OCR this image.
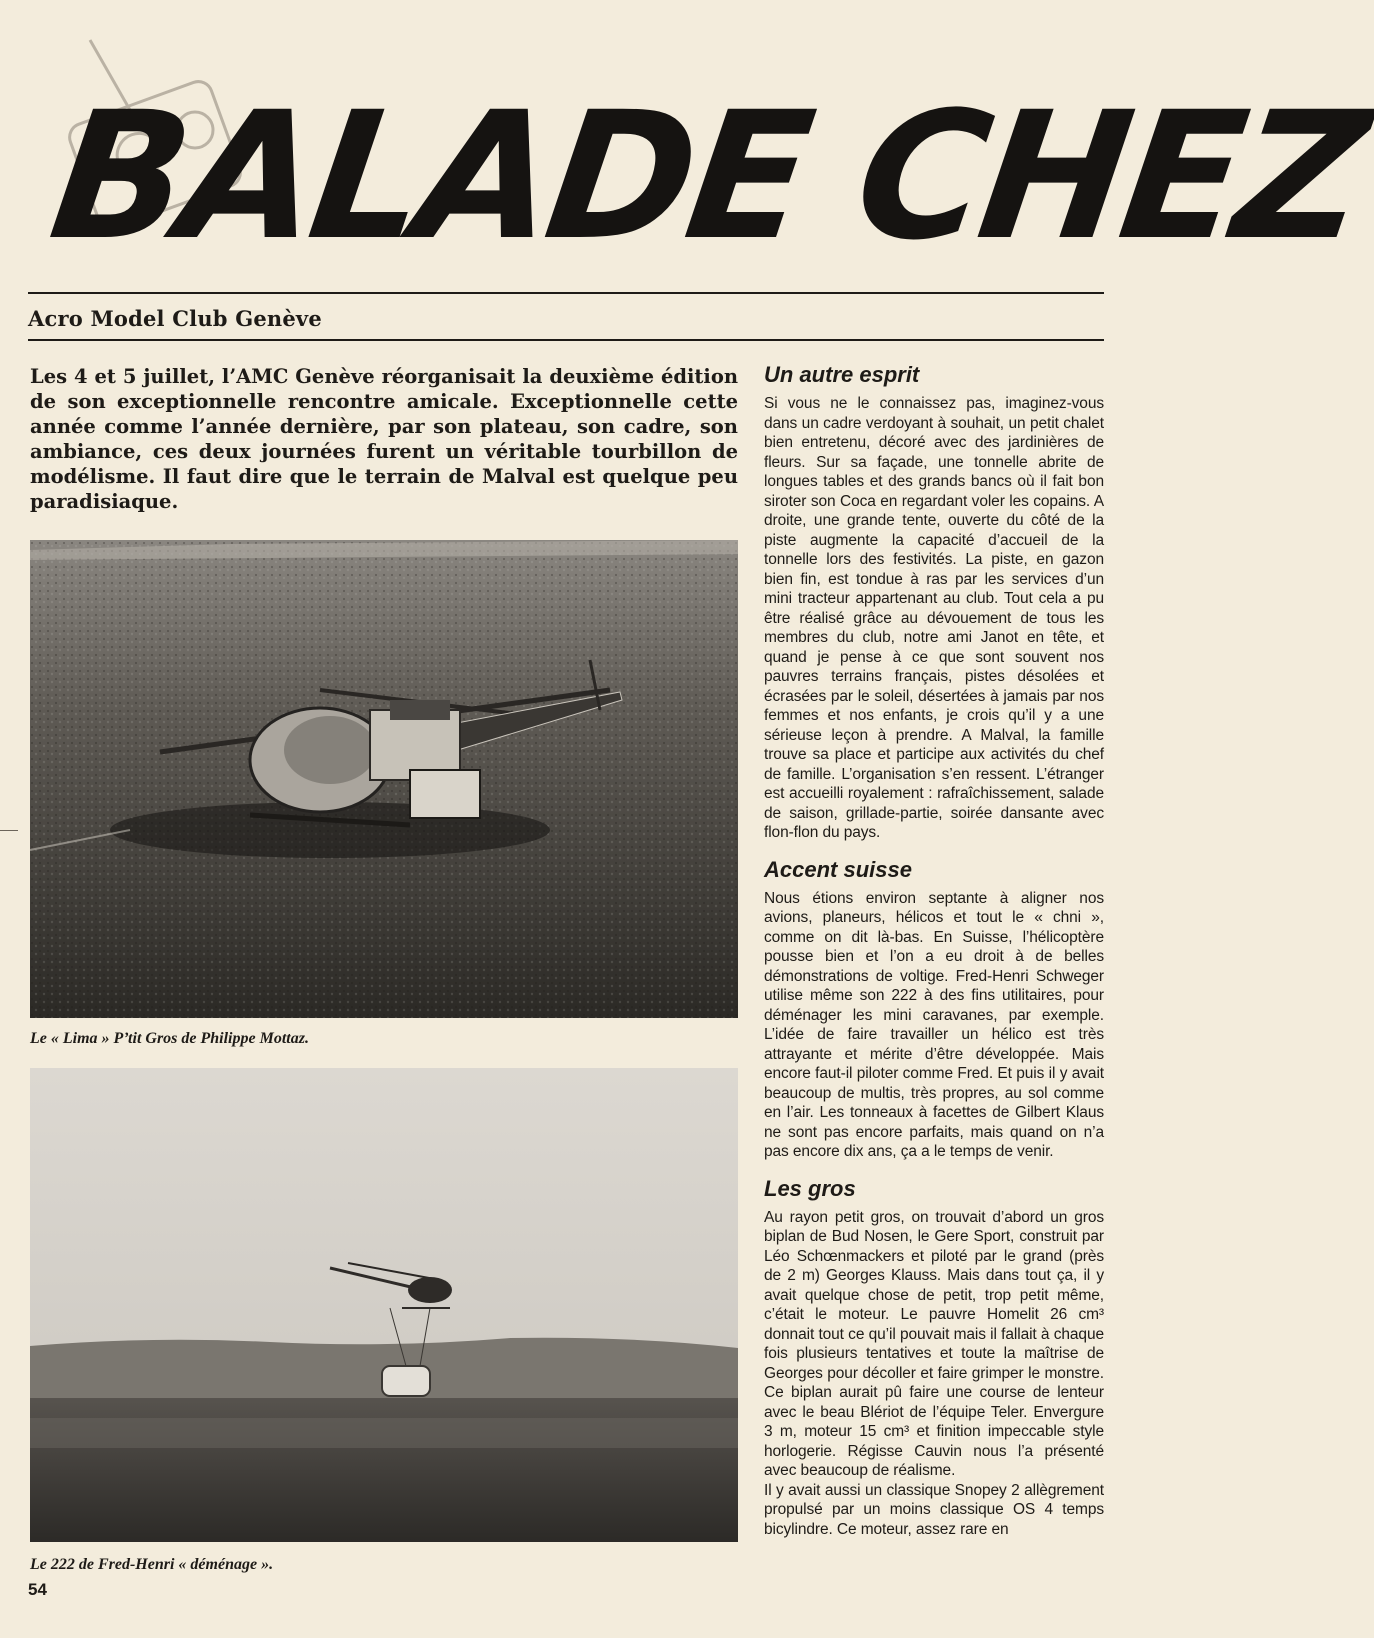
BALADE CHEZ
Acro Model Club Genève

Les 4 et 5 juillet, l’AMC Genève réorganisait la deuxième édition de son exceptionnelle rencontre amicale. Exceptionnelle cette année comme l’année dernière, par son plateau, son cadre, son ambiance, ces deux journées furent un véritable tourbillon de modélisme. Il faut dire que le terrain de Malval est quelque peu paradisiaque.

Le « Lima » P’tit Gros de Philippe Mottaz.
Le 222 de Fred-Henri « déménage ».
Un autre esprit

Si vous ne le connaissez pas, imaginez-vous dans un cadre verdoyant à souhait, un petit chalet bien entretenu, décoré avec des jardinières de fleurs. Sur sa façade, une tonnelle abrite de longues tables et des grands bancs où il fait bon siroter son Coca en regardant voler les copains. A droite, une grande tente, ouverte du côté de la piste augmente la capacité d’accueil de la tonnelle lors des festivités. La piste, en gazon bien fin, est tondue à ras par les services d’un mini tracteur appartenant au club. Tout cela a pu être réalisé grâce au dévouement de tous les membres du club, notre ami Janot en tête, et quand je pense à ce que sont souvent nos pauvres terrains français, pistes désolées et écrasées par le soleil, désertées à jamais par nos femmes et nos enfants, je crois qu’il y a une sérieuse leçon à prendre. A Malval, la famille trouve sa place et participe aux activités du chef de famille. L’organisation s’en ressent. L’étranger est accueilli royalement : rafraîchissement, salade de saison, grillade-partie, soirée dansante avec flon-flon du pays.

Accent suisse

Nous étions environ septante à aligner nos avions, planeurs, hélicos et tout le « chni », comme on dit là-bas. En Suisse, l’hélicoptère pousse bien et l’on a eu droit à de belles démonstrations de voltige. Fred-Henri Schweger utilise même son 222 à des fins utilitaires, pour déménager les mini caravanes, par exemple. L’idée de faire travailler un hélico est très attrayante et mérite d’être développée. Mais encore faut-il piloter comme Fred. Et puis il y avait beaucoup de multis, très propres, au sol comme en l’air. Les tonneaux à facettes de Gilbert Klaus ne sont pas encore parfaits, mais quand on n’a pas encore dix ans, ça a le temps de venir.

Les gros

Au rayon petit gros, on trouvait d’abord un gros biplan de Bud Nosen, le Gere Sport, construit par Léo Schœnmackers et piloté par le grand (près de 2 m) Georges Klauss. Mais dans tout ça, il y avait quelque chose de petit, trop petit même, c’était le moteur. Le pauvre Homelit 26 cm³ donnait tout ce qu’il pouvait mais il fallait à chaque fois plusieurs tentatives et toute la maîtrise de Georges pour décoller et faire grimper le monstre. Ce biplan aurait pû faire une course de lenteur avec le beau Blériot de l’équipe Teler. Envergure 3 m, moteur 15 cm³ et finition impeccable style horlogerie. Régisse Cauvin nous l’a présenté avec beaucoup de réalisme.

Il y avait aussi un classique Snopey 2 allègrement propulsé par un moins classique OS 4 temps bicylindre. Ce moteur, assez rare en

54
